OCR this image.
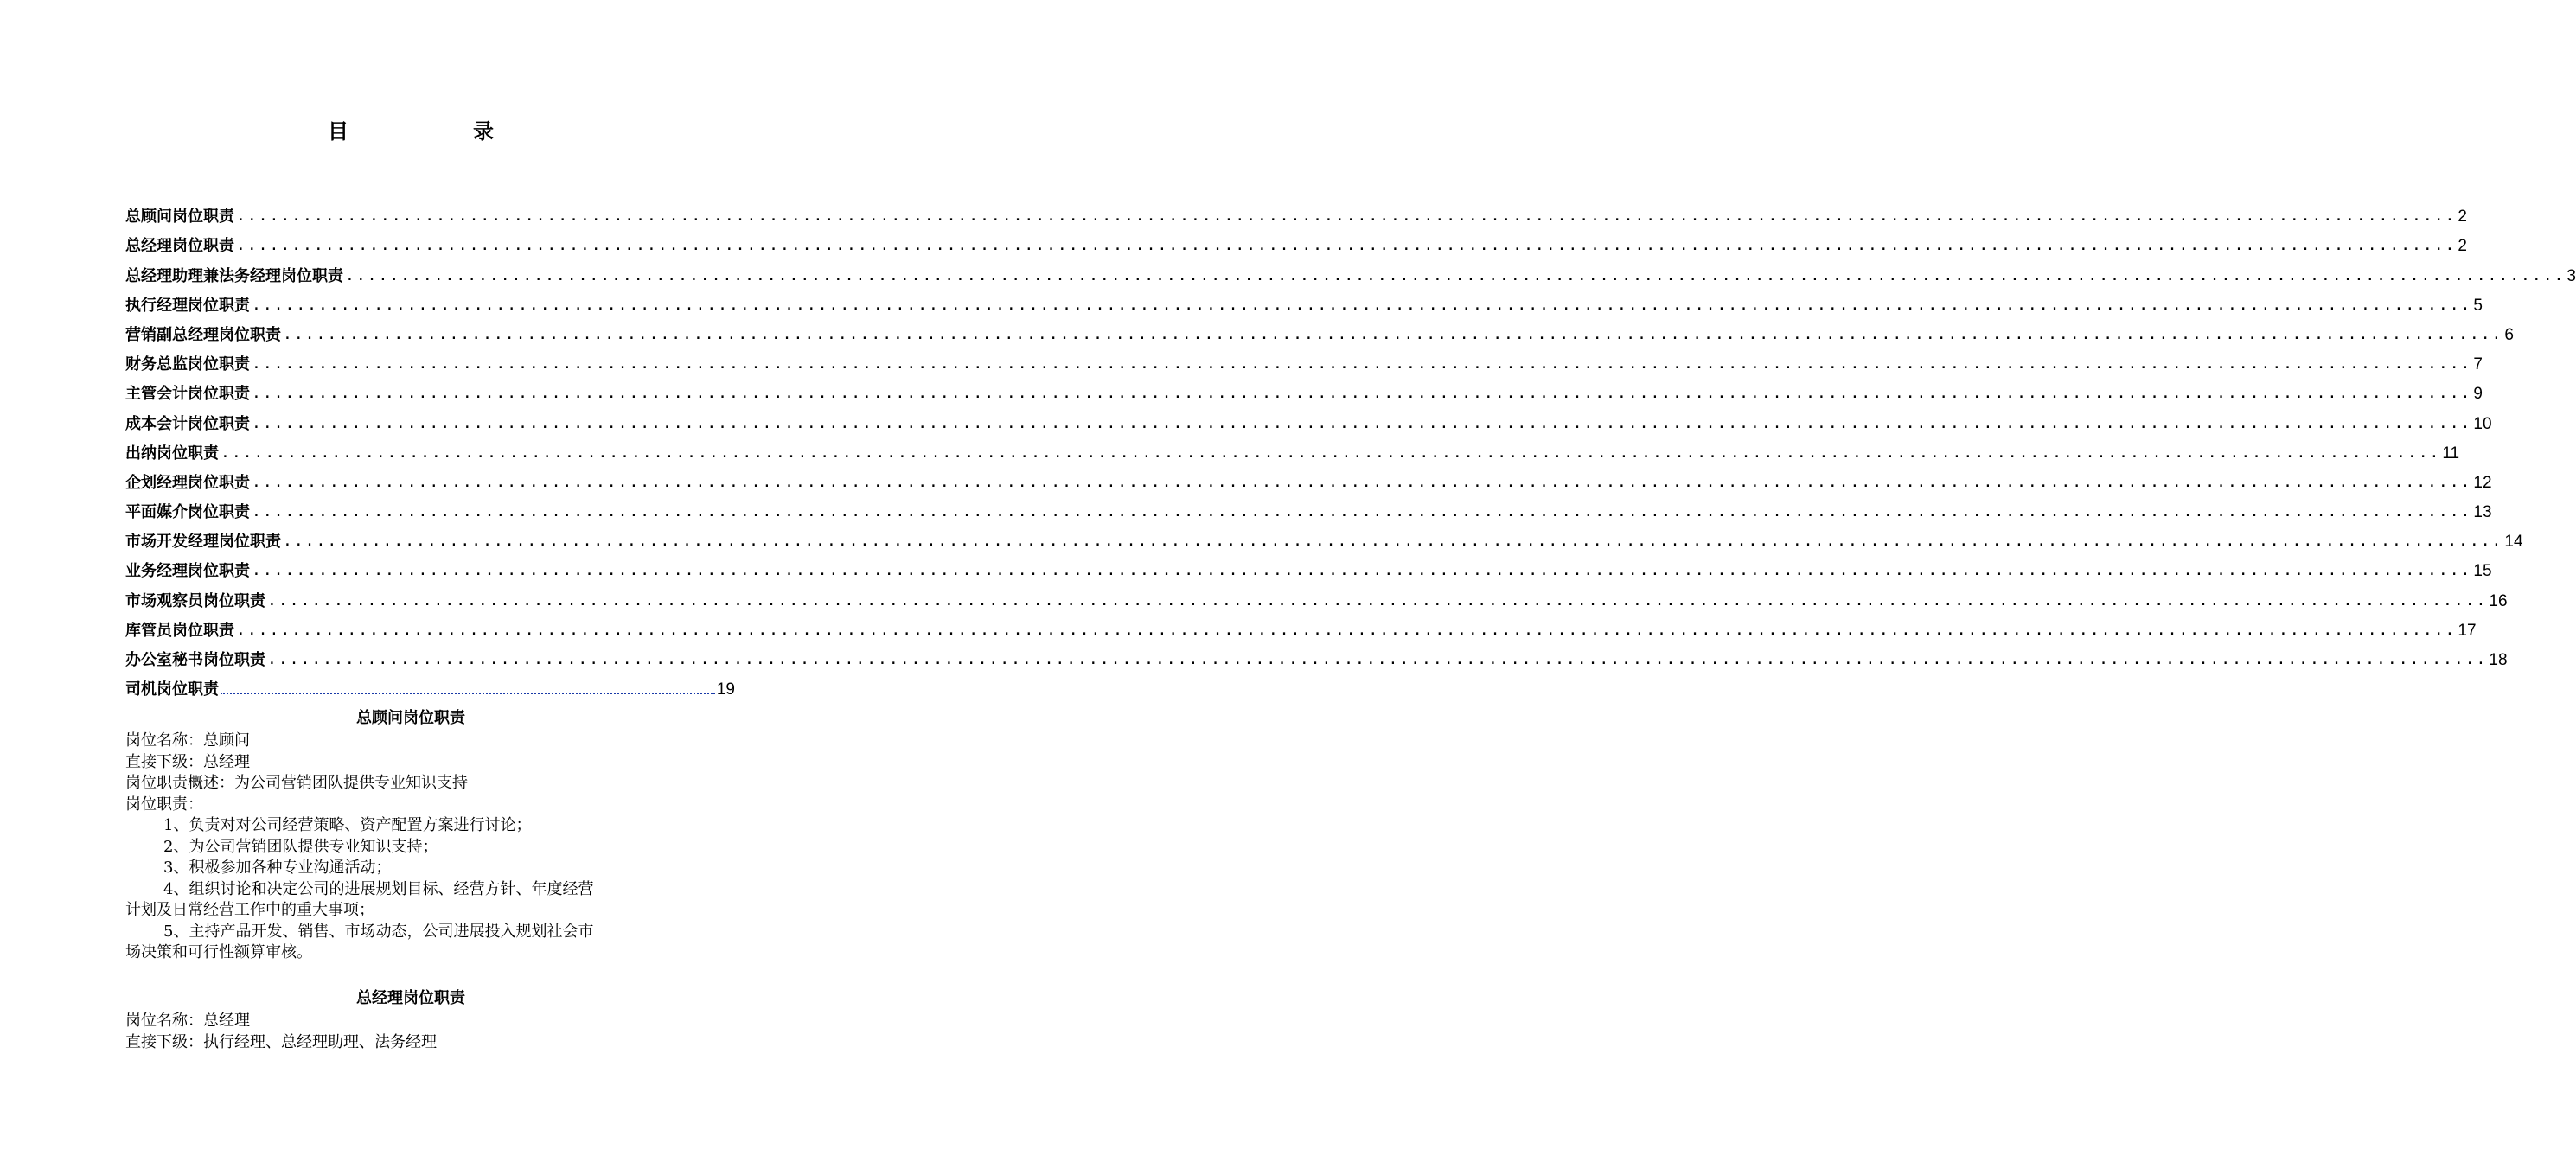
目　录
总顾问岗位职责 ........................................................................................................................................................................................................ 2
总经理岗位职责 ........................................................................................................................................................................................................ 2
总经理助理兼法务经理岗位职责 ........................................................................................................................................................................................................ 3
执行经理岗位职责 ........................................................................................................................................................................................................ 5
营销副总经理岗位职责 ........................................................................................................................................................................................................ 6
财务总监岗位职责 ........................................................................................................................................................................................................ 7
主管会计岗位职责 ........................................................................................................................................................................................................ 9
成本会计岗位职责 ........................................................................................................................................................................................................ 10
出纳岗位职责 ........................................................................................................................................................................................................ 11
企划经理岗位职责 ........................................................................................................................................................................................................ 12
平面媒介岗位职责 ........................................................................................................................................................................................................ 13
市场开发经理岗位职责 ........................................................................................................................................................................................................ 14
业务经理岗位职责 ........................................................................................................................................................................................................ 15
市场观察员岗位职责 ........................................................................................................................................................................................................ 16
库管员岗位职责 ........................................................................................................................................................................................................ 17
办公室秘书岗位职责 ........................................................................................................................................................................................................ 18
司机岗位职责	19
总顾问岗位职责
岗位名称：总顾问
直接下级：总经理
岗位职责概述：为公司营销团队提供专业知识支持
岗位职责：
1、负责对对公司经营策略、资产配置方案进行讨论；
2、为公司营销团队提供专业知识支持；
3、积极参加各种专业沟通活动；
4、组织讨论和决定公司的进展规划目标、经营方针、年度经营
计划及日常经营工作中的重大事项；
5、主持产品开发、销售、市场动态，公司进展投入规划社会市
场决策和可行性额算审核。
总经理岗位职责
岗位名称：总经理
直接下级：执行经理、总经理助理、法务经理
